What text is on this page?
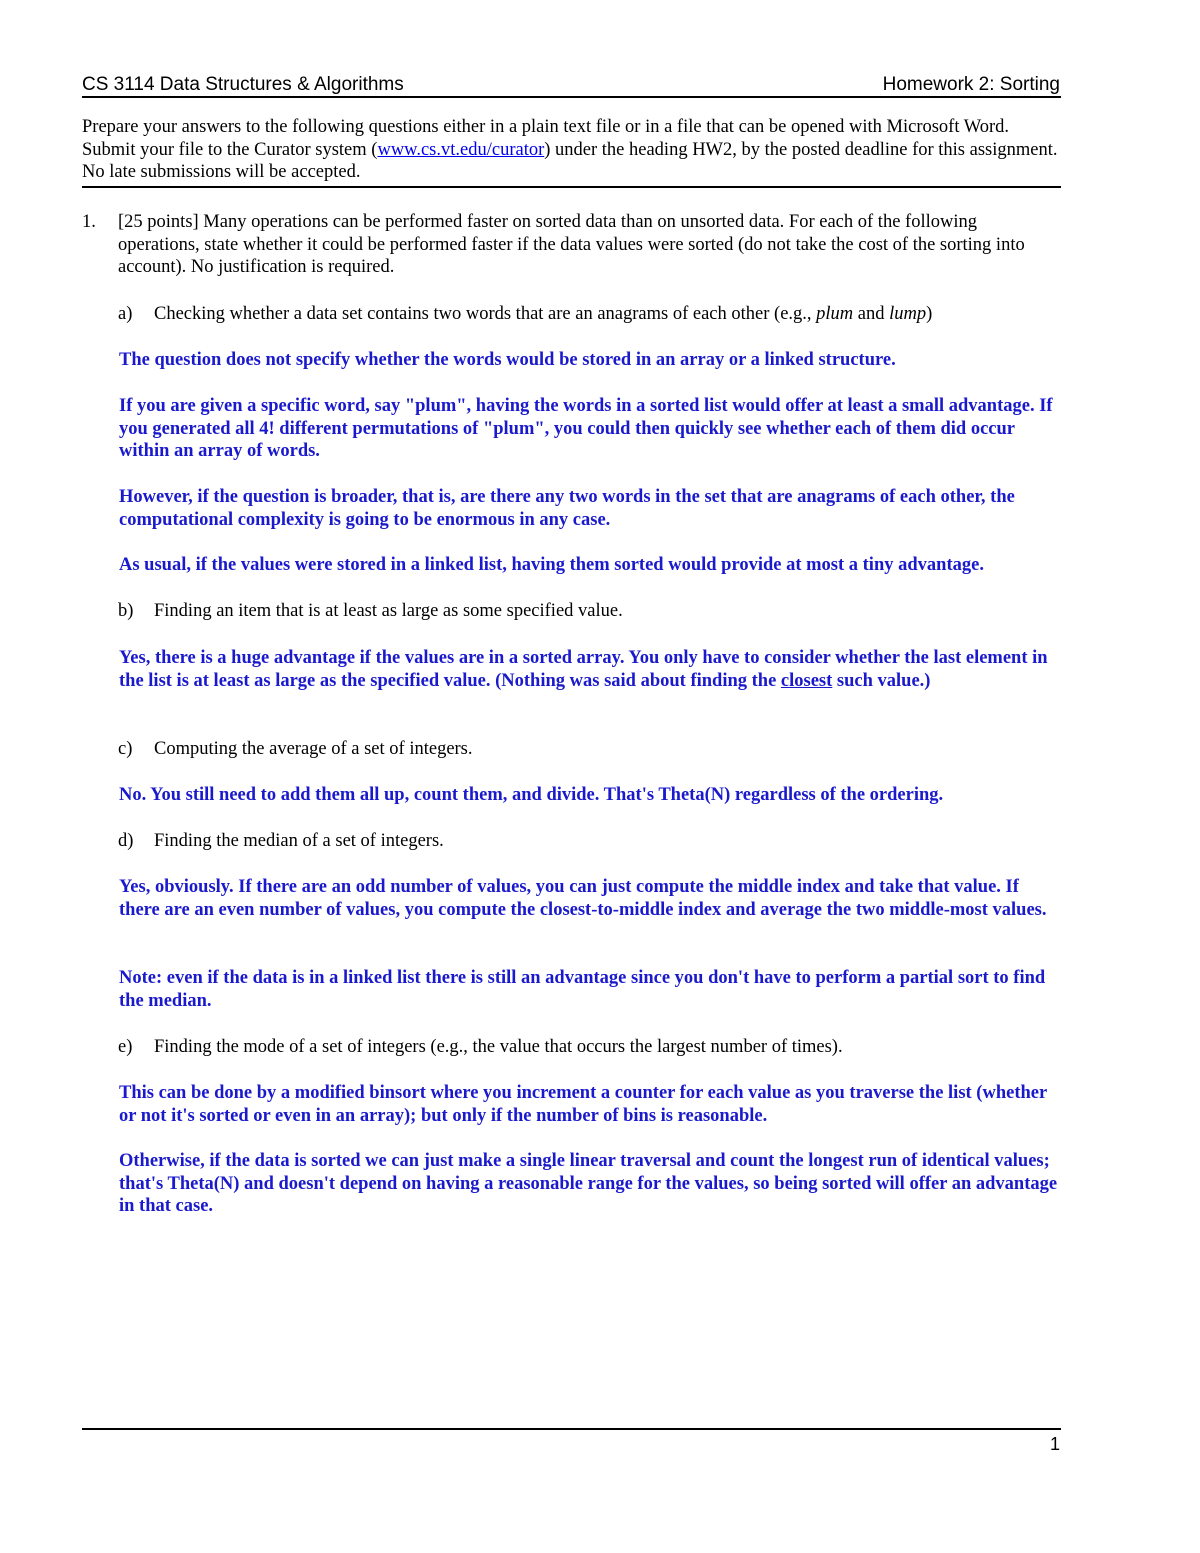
CS 3114 Data Structures & Algorithms	Homework 2: Sorting
Prepare your answers to the following questions either in a plain text file or in a file that can be opened with Microsoft Word. Submit your file to the Curator system (www.cs.vt.edu/curator) under the heading HW2, by the posted deadline for this assignment. No late submissions will be accepted.
1. [25 points] Many operations can be performed faster on sorted data than on unsorted data. For each of the following operations, state whether it could be performed faster if the data values were sorted (do not take the cost of the sorting into account). No justification is required.
a) Checking whether a data set contains two words that are an anagrams of each other (e.g., plum and lump)
The question does not specify whether the words would be stored in an array or a linked structure.
If you are given a specific word, say "plum", having the words in a sorted list would offer at least a small advantage. If you generated all 4! different permutations of "plum", you could then quickly see whether each of them did occur within an array of words.
However, if the question is broader, that is, are there any two words in the set that are anagrams of each other, the computational complexity is going to be enormous in any case.
As usual, if the values were stored in a linked list, having them sorted would provide at most a tiny advantage.
b) Finding an item that is at least as large as some specified value.
Yes, there is a huge advantage if the values are in a sorted array. You only have to consider whether the last element in the list is at least as large as the specified value. (Nothing was said about finding the closest such value.)
c) Computing the average of a set of integers.
No. You still need to add them all up, count them, and divide. That's Theta(N) regardless of the ordering.
d) Finding the median of a set of integers.
Yes, obviously. If there are an odd number of values, you can just compute the middle index and take that value. If there are an even number of values, you compute the closest-to-middle index and average the two middle-most values.
Note: even if the data is in a linked list there is still an advantage since you don't have to perform a partial sort to find the median.
e) Finding the mode of a set of integers (e.g., the value that occurs the largest number of times).
This can be done by a modified binsort where you increment a counter for each value as you traverse the list (whether or not it's sorted or even in an array); but only if the number of bins is reasonable.
Otherwise, if the data is sorted we can just make a single linear traversal and count the longest run of identical values; that's Theta(N) and doesn't depend on having a reasonable range for the values, so being sorted will offer an advantage in that case.
1
